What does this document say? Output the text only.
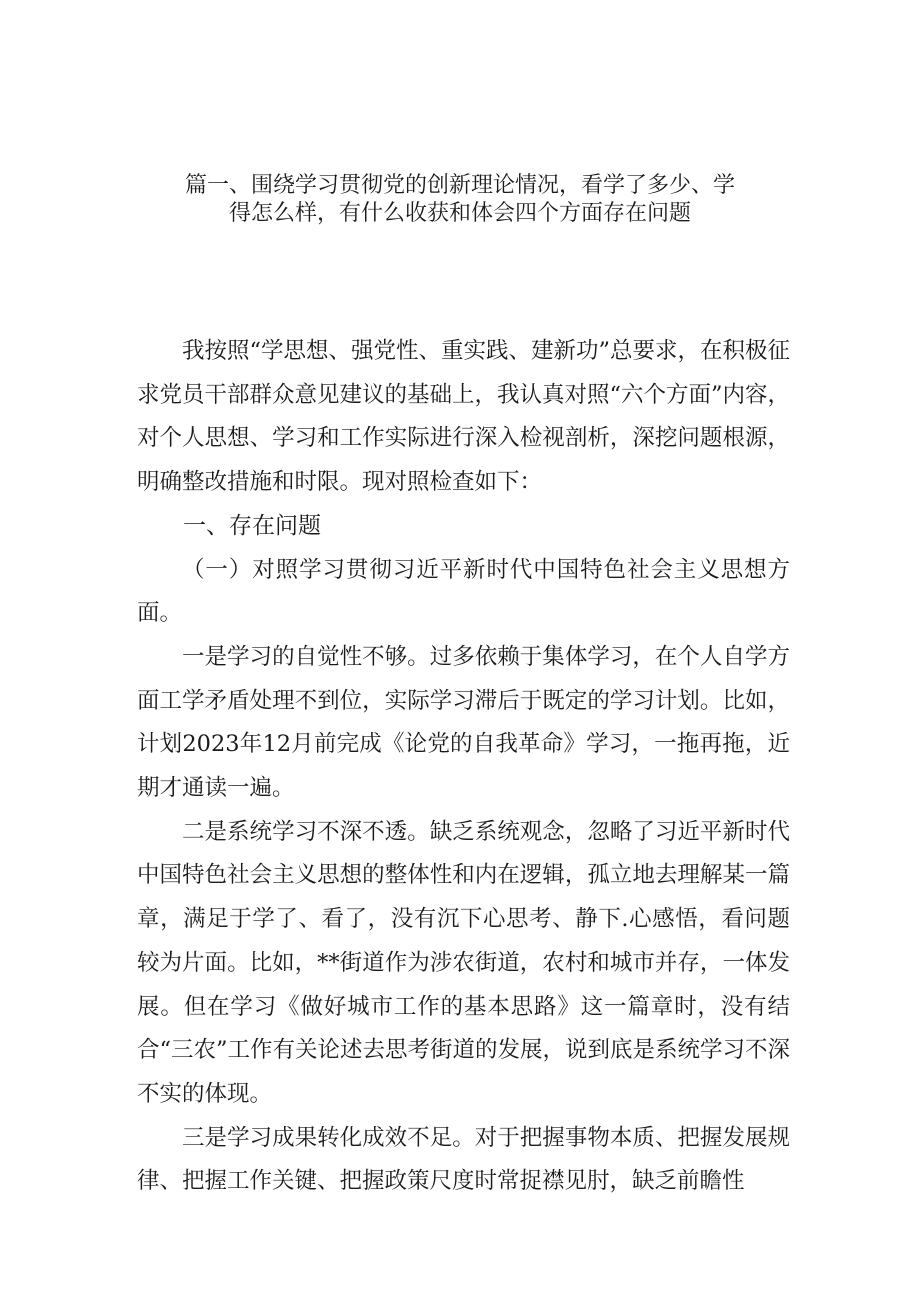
篇一、围绕学习贯彻党的创新理论情况，看学了多少、学
得怎么样，有什么收获和体会四个方面存在问题

我按照“学思想、强党性、重实践、建新功”总要求，在积极征求党员干部群众意见建议的基础上，我认真对照“六个方面”内容，对个人思想、学习和工作实际进行深入检视剖析，深挖问题根源，明确整改措施和时限。现对照检查如下：

一、存在问题

（一）对照学习贯彻习近平新时代中国特色社会主义思想方面。

一是学习的自觉性不够。过多依赖于集体学习，在个人自学方面工学矛盾处理不到位，实际学习滞后于既定的学习计划。比如，计划2023年12月前完成《论党的自我革命》学习，一拖再拖，近期才通读一遍。

二是系统学习不深不透。缺乏系统观念，忽略了习近平新时代中国特色社会主义思想的整体性和内在逻辑，孤立地去理解某一篇章，满足于学了、看了，没有沉下心思考、静下.心感悟，看问题较为片面。比如，**街道作为涉农街道，农村和城市并存，一体发展。但在学习《做好城市工作的基本思路》这一篇章时，没有结合“三农”工作有关论述去思考街道的发展，说到底是系统学习不深不实的体现。

三是学习成果转化成效不足。对于把握事物本质、把握发展规律、把握工作关键、把握政策尺度时常捉襟见肘，缺乏前瞻性
